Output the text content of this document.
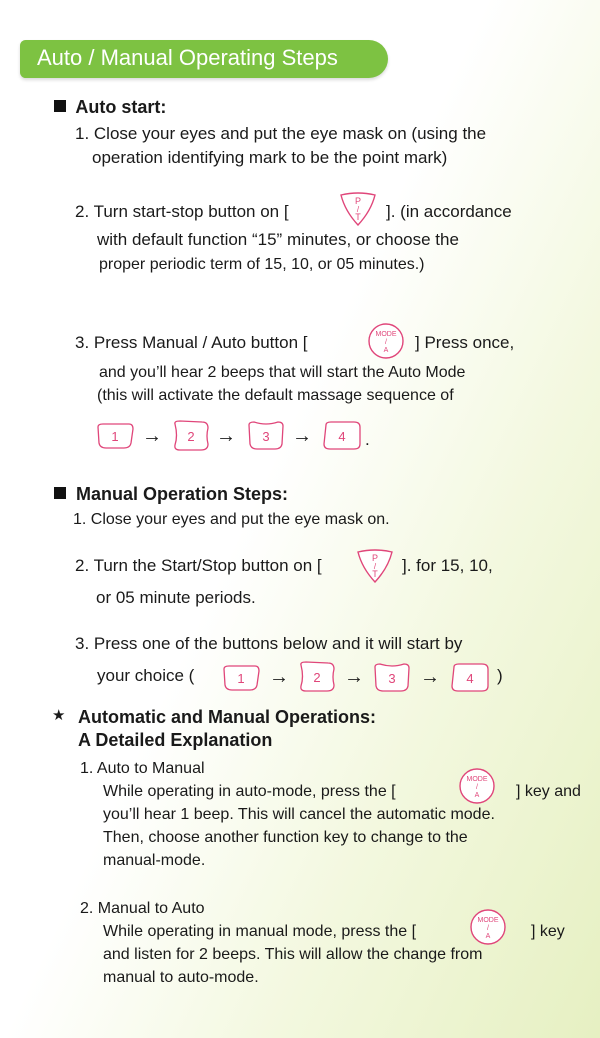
Auto / Manual Operating Steps
Auto start:
1. Close your eyes and put the eye mask on (using the
operation identifying mark to be the point mark)
2. Turn start-stop button on [
P
/
T ]. (in accordance
with default function “15” minutes, or choose the
proper periodic term of 15, 10, or 05 minutes.)
3. Press Manual / Auto button [	MODE
/
A ] Press once,
and you’ll hear 2 beeps that will start the Auto Mode
(this will activate the default massage sequence of
1 → 2 → 3 → 4 .
Manual Operation Steps:
1. Close your eyes and put the eye mask on.
2. Turn the Start/Stop button on [	P
/
T ]. for 15, 10,
or 05 minute periods.
3. Press one of the buttons below and it will start by
your choice (	1 → 2 → 3 → 4 )
★ Automatic and Manual Operations:
A Detailed Explanation
1. Auto to Manual
While operating in auto-mode, press the [
MODE
/
A ] key and
you’ll hear 1 beep. This will cancel the automatic mode.
Then, choose another function key to change to the
manual-mode.
2. Manual to Auto
While operating in manual mode, press the [
MODE
/
A	] key
and listen for 2 beeps. This will allow the change from
manual to auto-mode.
